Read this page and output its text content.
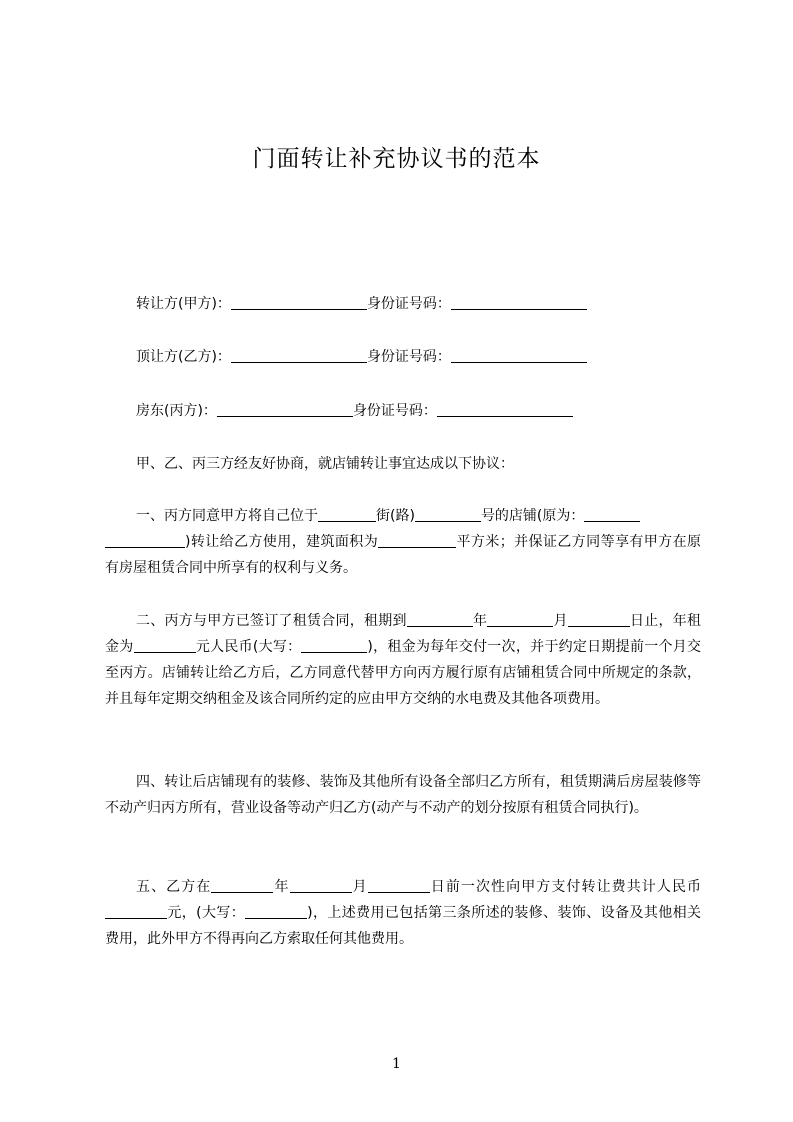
门面转让补充协议书的范本
转让方(甲方)：	身份证号码：
顶让方(乙方)：	身份证号码：
房东(丙方)：	身份证号码：
甲、乙、丙三方经友好协商，就店铺转让事宜达成以下协议：
一、丙方同意甲方将自己位于	街(路)	号的店铺(原为：
)转让给乙方使用，建筑面积为	平方米；并保证乙方同等享有甲方在原有房屋租赁合同中所享有的权利与义务。
二、丙方与甲方已签订了租赁合同，租期到	年	月	日止，年租金为	元人民币(大写：	)，租金为每年交付一次，并于约定日期提前一个月交至丙方。店铺转让给乙方后，乙方同意代替甲方向丙方履行原有店铺租赁合同中所规定的条款，并且每年定期交纳租金及该合同所约定的应由甲方交纳的水电费及其他各项费用。
四、转让后店铺现有的装修、装饰及其他所有设备全部归乙方所有，租赁期满后房屋装修等不动产归丙方所有，营业设备等动产归乙方(动产与不动产的划分按原有租赁合同执行)。
五、乙方在	年	月	日前一次性向甲方支付转让费共计人民币元，(大写：	)，上述费用已包括第三条所述的装修、装饰、设备及其他相关费用，此外甲方不得再向乙方索取任何其他费用。
1
